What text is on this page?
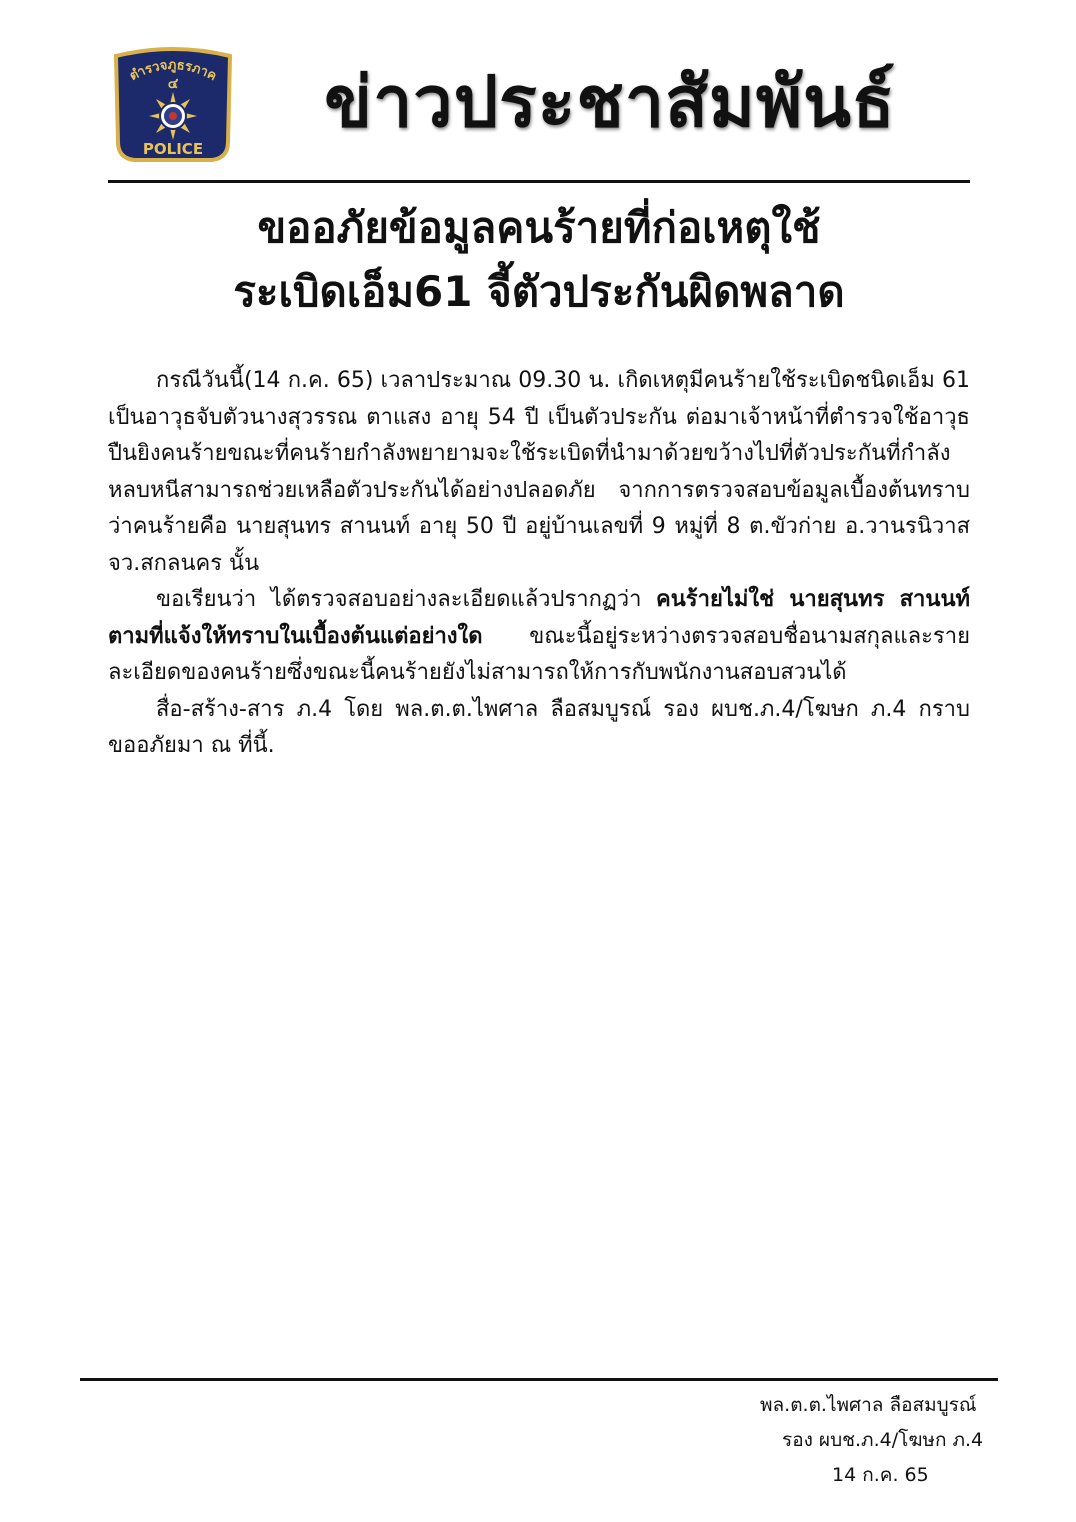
ตำรวจภูธรภาค
๔
POLICE
ข่าวประชาสัมพันธ์
ขออภัยข้อมูลคนร้ายที่ก่อเหตุใช้
ระเบิดเอ็ม61 จี้ตัวประกันผิดพลาด

กรณีวันนี้(14 ก.ค. 65) เวลาประมาณ 09.30 น. เกิดเหตุมีคนร้ายใช้ระเบิดชนิดเอ็ม 61 เป็นอาวุธจับตัวนางสุวรรณ ตาแสง อายุ 54 ปี เป็นตัวประกัน ต่อมาเจ้าหน้าที่ตำรวจใช้อาวุธปืนยิงคนร้ายขณะที่คนร้ายกำลังพยายามจะใช้ระเบิดที่นำมาด้วยขว้างไปที่ตัวประกันที่กำลังหลบหนีสามารถช่วยเหลือตัวประกันได้อย่างปลอดภัย จากการตรวจสอบข้อมูลเบื้องต้นทราบว่าคนร้ายคือ นายสุนทร สานนท์ อายุ 50 ปี อยู่บ้านเลขที่ 9 หมู่ที่ 8 ต.ขัวก่าย อ.วานรนิวาส จว.สกลนคร นั้น

ขอเรียนว่า ได้ตรวจสอบอย่างละเอียดแล้วปรากฏว่า คนร้ายไม่ใช่ นายสุนทร สานนท์ ตามที่แจ้งให้ทราบในเบื้องต้นแต่อย่างใด ขณะนี้อยู่ระหว่างตรวจสอบชื่อนามสกุลและรายละเอียดของคนร้ายซึ่งขณะนี้คนร้ายยังไม่สามารถให้การกับพนักงานสอบสวนได้

สื่อ-สร้าง-สาร ภ.4 โดย พล.ต.ต.ไพศาล ลือสมบูรณ์ รอง ผบช.ภ.4/โฆษก ภ.4 กราบขออภัยมา ณ ที่นี้.

พล.ต.ต.ไพศาล ลือสมบูรณ์
รอง ผบช.ภ.4/โฆษก ภ.4
14 ก.ค. 65
